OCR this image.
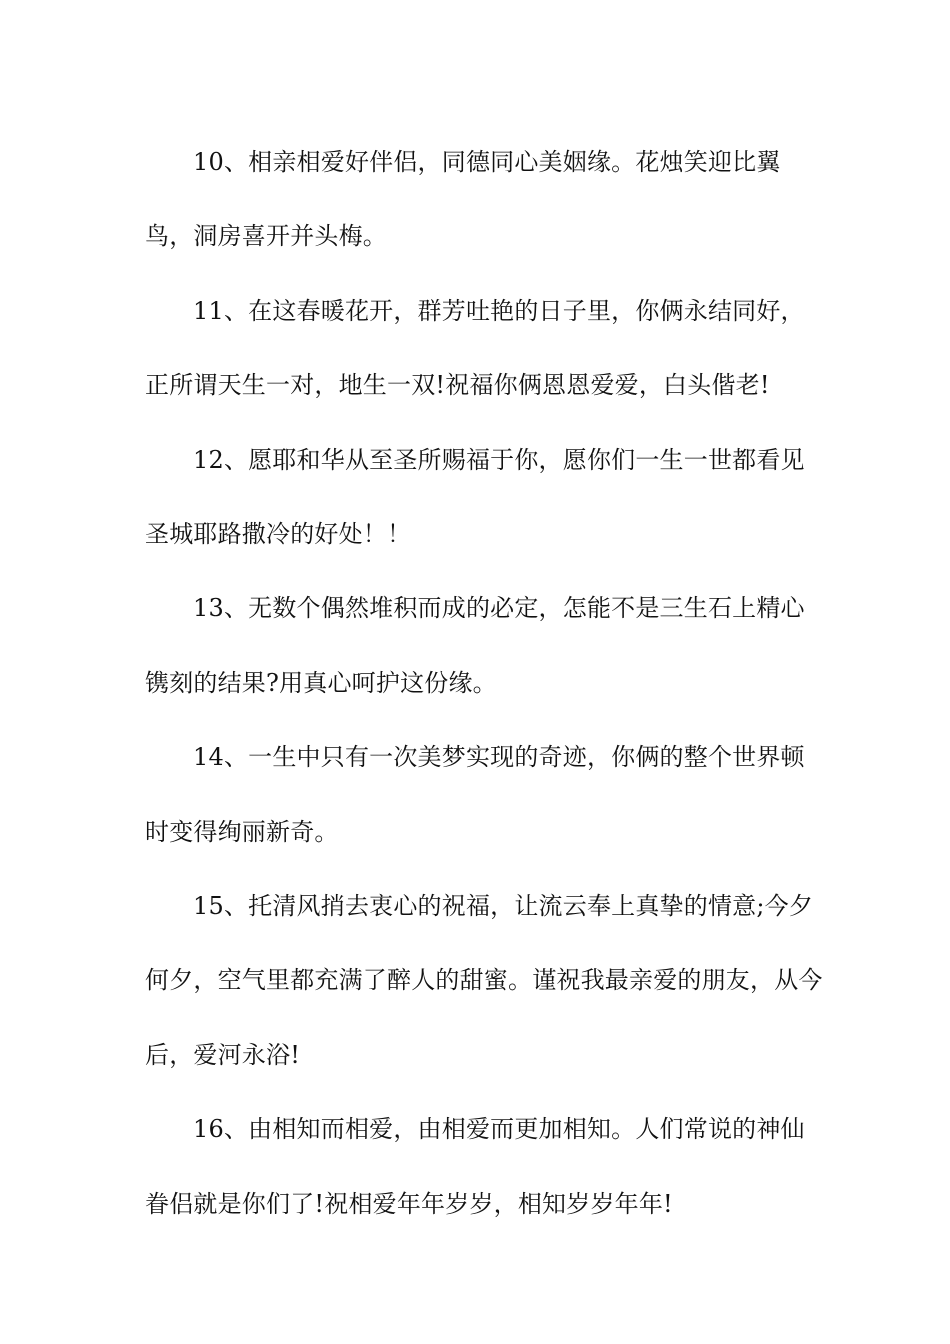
10、相亲相爱好伴侣，同德同心美姻缘。花烛笑迎比翼鸟，洞房喜开并头梅。

11、在这春暖花开，群芳吐艳的日子里，你俩永结同好，正所谓天生一对，地生一双!祝福你俩恩恩爱爱，白头偕老!

12、愿耶和华从至圣所赐福于你，愿你们一生一世都看见圣城耶路撒冷的好处！！

13、无数个偶然堆积而成的必定，怎能不是三生石上精心镌刻的结果?用真心呵护这份缘。

14、一生中只有一次美梦实现的奇迹，你俩的整个世界顿时变得绚丽新奇。

15、托清风捎去衷心的祝福，让流云奉上真挚的情意;今夕何夕，空气里都充满了醉人的甜蜜。谨祝我最亲爱的朋友，从今后，爱河永浴!

16、由相知而相爱，由相爱而更加相知。人们常说的神仙眷侣就是你们了!祝相爱年年岁岁，相知岁岁年年!
